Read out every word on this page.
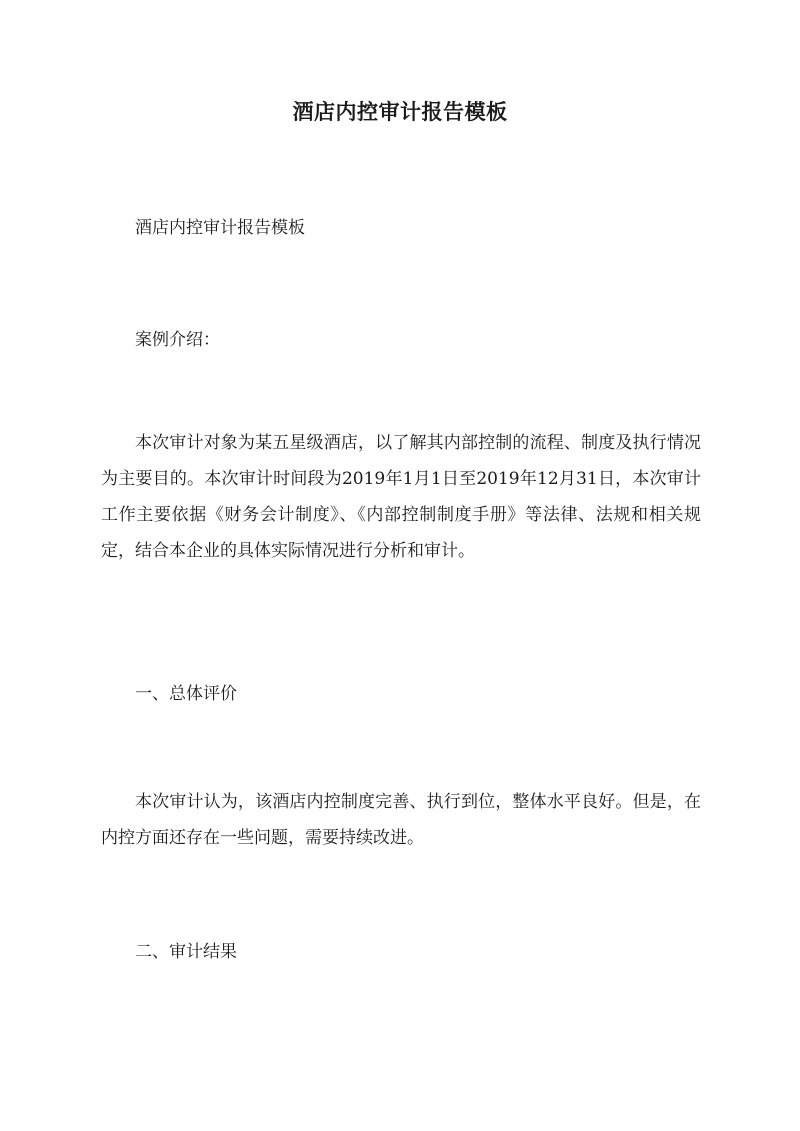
酒店内控审计报告模板

酒店内控审计报告模板

案例介绍：

本次审计对象为某五星级酒店，以了解其内部控制的流程、制度及执行情况为主要目的。本次审计时间段为2019年1月1日至2019年12月31日，本次审计工作主要依据《财务会计制度》、《内部控制制度手册》等法律、法规和相关规定，结合本企业的具体实际情况进行分析和审计。

一、总体评价

本次审计认为，该酒店内控制度完善、执行到位，整体水平良好。但是，在内控方面还存在一些问题，需要持续改进。

二、审计结果
